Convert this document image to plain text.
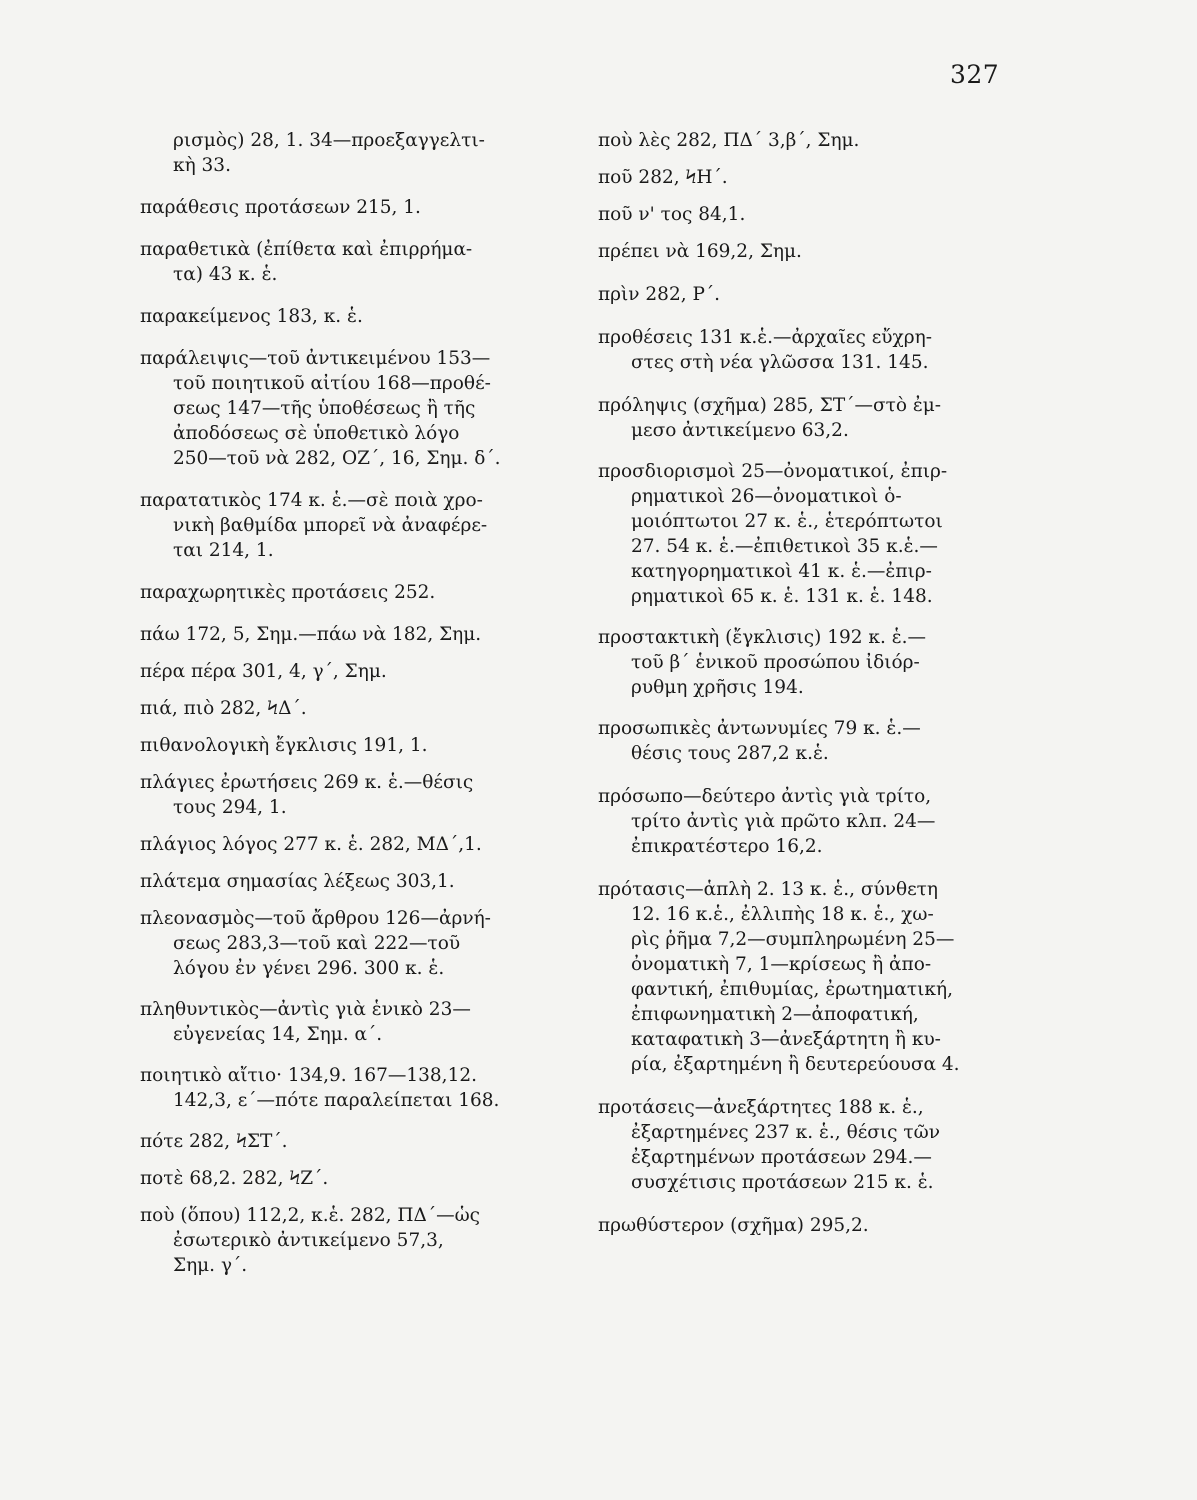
327
ρισμὸς) 28, 1. 34—προεξαγγελτι-
κὴ 33.
παράθεσις προτάσεων 215, 1.
παραθετικὰ (ἐπίθετα καὶ ἐπιρρήμα-
τα) 43 κ. ἑ.
παρακείμενος 183, κ. ἑ.
παράλειψις—τοῦ ἀντικειμένου 153—
τοῦ ποιητικοῦ αἰτίου 168—προθέ-
σεως 147—τῆς ὑποθέσεως ἢ τῆς
ἀποδόσεως σὲ ὑποθετικὸ λόγο
250—τοῦ νὰ 282, ΟΖ΄, 16, Σημ. δ΄.
παρατατικὸς 174 κ. ἑ.—σὲ ποιὰ χρο-
νικὴ βαθμίδα μπορεῖ νὰ ἀναφέρε-
ται 214, 1.
παραχωρητικὲς προτάσεις 252.
πάω 172, 5, Σημ.—πάω νὰ 182, Σημ.
πέρα πέρα 301, 4, γ΄, Σημ.
πιά, πιὸ 282, ϞΔ΄.
πιθανολογικὴ ἔγκλισις 191, 1.
πλάγιες ἐρωτήσεις 269 κ. ἑ.—θέσις
τους 294, 1.
πλάγιος λόγος 277 κ. ἑ. 282, ΜΔ΄,1.
πλάτεμα σημασίας λέξεως 303,1.
πλεονασμὸς—τοῦ ἄρθρου 126—ἀρνή-
σεως 283,3—τοῦ καὶ 222—τοῦ
λόγου ἐν γένει 296. 300 κ. ἑ.
πληθυντικὸς—ἀντὶς γιὰ ἑνικὸ 23—
εὐγενείας 14, Σημ. α΄.
ποιητικὸ αἴτιο· 134,9. 167—138,12.
142,3, ε΄—πότε παραλείπεται 168.
πότε 282, ϞΣΤ΄.
ποτὲ 68,2. 282, ϞΖ΄.
ποὺ (ὅπου) 112,2, κ.ἑ. 282, ΠΔ΄—ὡς
ἐσωτερικὸ ἀντικείμενο 57,3,
Σημ. γ΄.
ποὺ λὲς 282, ΠΔ΄ 3,β΄, Σημ.
ποῦ 282, ϞΗ΄.
ποῦ ν' τος 84,1.
πρέπει νὰ 169,2, Σημ.
πρὶν 282, Ρ΄.
προθέσεις 131 κ.ἑ.—ἀρχαῖες εὔχρη-
στες στὴ νέα γλῶσσα 131. 145.
πρόληψις (σχῆμα) 285, ΣΤ΄—στὸ ἐμ-
μεσο ἀντικείμενο 63,2.
προσδιορισμοὶ 25—ὀνοματικοί, ἐπιρ-
ρηματικοὶ 26—ὀνοματικοὶ ὁ-
μοιόπτωτοι 27 κ. ἑ., ἑτερόπτωτοι
27. 54 κ. ἑ.—ἐπιθετικοὶ 35 κ.ἑ.—
κατηγορηματικοὶ 41 κ. ἑ.—ἐπιρ-
ρηματικοὶ 65 κ. ἑ. 131 κ. ἑ. 148.
προστακτικὴ (ἔγκλισις) 192 κ. ἑ.—
τοῦ β΄ ἑνικοῦ προσώπου ἰδιόρ-
ρυθμη χρῆσις 194.
προσωπικὲς ἀντωνυμίες 79 κ. ἑ.—
θέσις τους 287,2 κ.ἑ.
πρόσωπο—δεύτερο ἀντὶς γιὰ τρίτο,
τρίτο ἀντὶς γιὰ πρῶτο κλπ. 24—
ἐπικρατέστερο 16,2.
πρότασις—ἁπλὴ 2. 13 κ. ἑ., σύνθετη
12. 16 κ.ἑ., ἐλλιπὴς 18 κ. ἑ., χω-
ρὶς ῥῆμα 7,2—συμπληρωμένη 25—
ὀνοματικὴ 7, 1—κρίσεως ἢ ἀπο-
φαντική, ἐπιθυμίας, ἐρωτηματική,
ἐπιφωνηματικὴ 2—ἀποφατική,
καταφατικὴ 3—ἀνεξάρτητη ἢ κυ-
ρία, ἐξαρτημένη ἢ δευτερεύουσα 4.
προτάσεις—ἀνεξάρτητες 188 κ. ἑ.,
ἐξαρτημένες 237 κ. ἑ., θέσις τῶν
ἐξαρτημένων προτάσεων 294.—
συσχέτισις προτάσεων 215 κ. ἑ.
πρωθύστερον (σχῆμα) 295,2.
